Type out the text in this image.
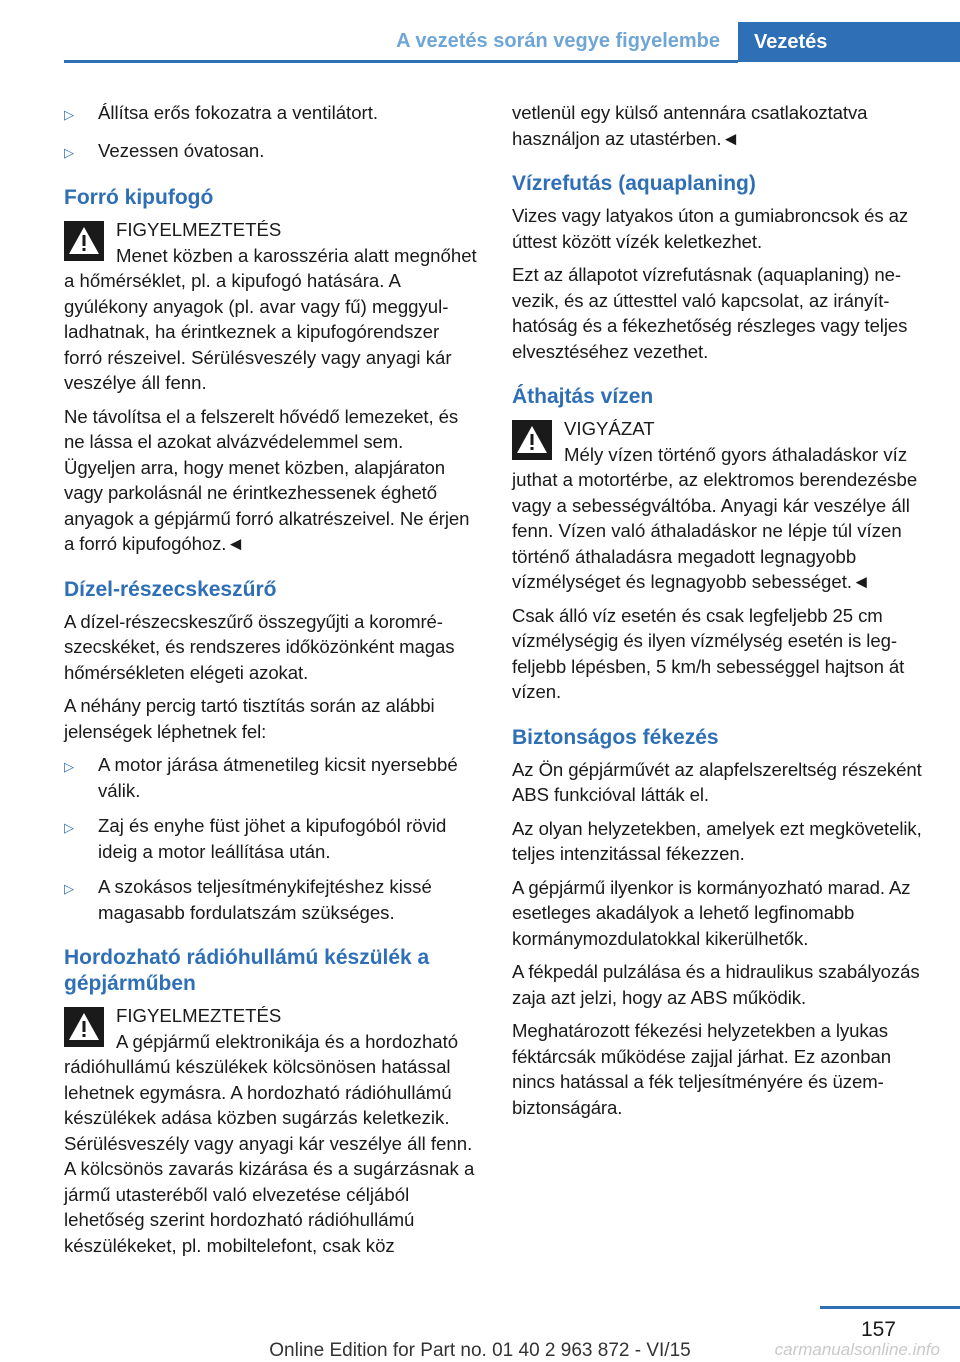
A vezetés során vegye figyelembe	Vezetés
▷	Állítsa erős fokozatra a ventilátort.
▷	Vezessen óvatosan.
Forró kipufogó
FIGYELMEZTETÉS
Menet közben a karosszéria alatt megnőhet a hőmérséklet, pl. a kipufogó hatására. A gyúlékony anyagok (pl. avar vagy fű) meggyulladhatnak, ha érintkeznek a kipufogórendszer forró részeivel. Sérülésveszély vagy anyagi kár veszélye áll fenn.

Ne távolítsa el a felszerelt hővédő lemezeket, és ne lássa el azokat alvázvédelemmel sem. Ügyeljen arra, hogy menet közben, alapjáraton vagy parkolásnál ne érintkezhessenek éghető anyagok a gépjármű forró alkatrészeivel. Ne érjen a forró kipufogóhoz.◄

Dízel-részecskeszűrő

A dízel-részecskeszűrő összegyűjti a koromrészecskéket, és rendszeres időközönként magas hőmérsékleten elégeti azokat.

A néhány percig tartó tisztítás során az alábbi jelenségek léphetnek fel:

▷	A motor járása átmenetileg kicsit nyersebbé válik.
▷	Zaj és enyhe füst jöhet a kipufogóból rövid ideig a motor leállítása után.
▷	A szokásos teljesítménykifejtéshez kissé magasabb fordulatszám szükséges.
Hordozható rádióhullámú készülék a gépjárműben
FIGYELMEZTETÉS
A gépjármű elektronikája és a hordozható rádióhullámú készülékek kölcsönösen hatással lehetnek egymásra. A hordozható rádióhullámú készülékek adása közben sugárzás keletkezik. Sérülésveszély vagy anyagi kár veszélye áll fenn. A kölcsönös zavarás kizárása és a sugárzásnak a jármű utasteréből való elvezetése céljából lehetőség szerint hordozható rádióhullámú készülékeket, pl. mobiltelefont, csak köz

vetlenül egy külső antennára csatlakoztatva használjon az utastérben.◄

Vízrefutás (aquaplaning)

Vizes vagy latyakos úton a gumiabroncsok és az úttest között vízék keletkezhet.

Ezt az állapotot vízrefutásnak (aquaplaning) nevezik, és az úttesttel való kapcsolat, az irányíthatóság és a fékezhetőség részleges vagy teljes elvesztéséhez vezethet.

Áthajtás vízen
VIGYÁZAT
Mély vízen történő gyors áthaladáskor víz juthat a motortérbe, az elektromos berendezésbe vagy a sebességváltóba. Anyagi kár veszélye áll fenn. Vízen való áthaladáskor ne lépje túl vízen történő áthaladásra megadott legnagyobb vízmélységet és legnagyobb sebességet.◄

Csak álló víz esetén és csak legfeljebb 25 cm vízmélységig és ilyen vízmélység esetén is legfeljebb lépésben, 5 km/h sebességgel hajtson át vízen.

Biztonságos fékezés

Az Ön gépjárművét az alapfelszereltség részeként ABS funkcióval látták el.

Az olyan helyzetekben, amelyek ezt megkövetelik, teljes intenzitással fékezzen.

A gépjármű ilyenkor is kormányozható marad. Az esetleges akadályok a lehető legfinomabb kormánymozdulatokkal kikerülhetők.

A fékpedál pulzálása és a hidraulikus szabályozás zaja azt jelzi, hogy az ABS működik.

Meghatározott fékezési helyzetekben a lyukas féktárcsák működése zajjal járhat. Ez azonban nincs hatással a fék teljesítményére és üzembiztonságára.

157
Online Edition for Part no. 01 40 2 963 872 - VI/15	carmanualsonline.info
